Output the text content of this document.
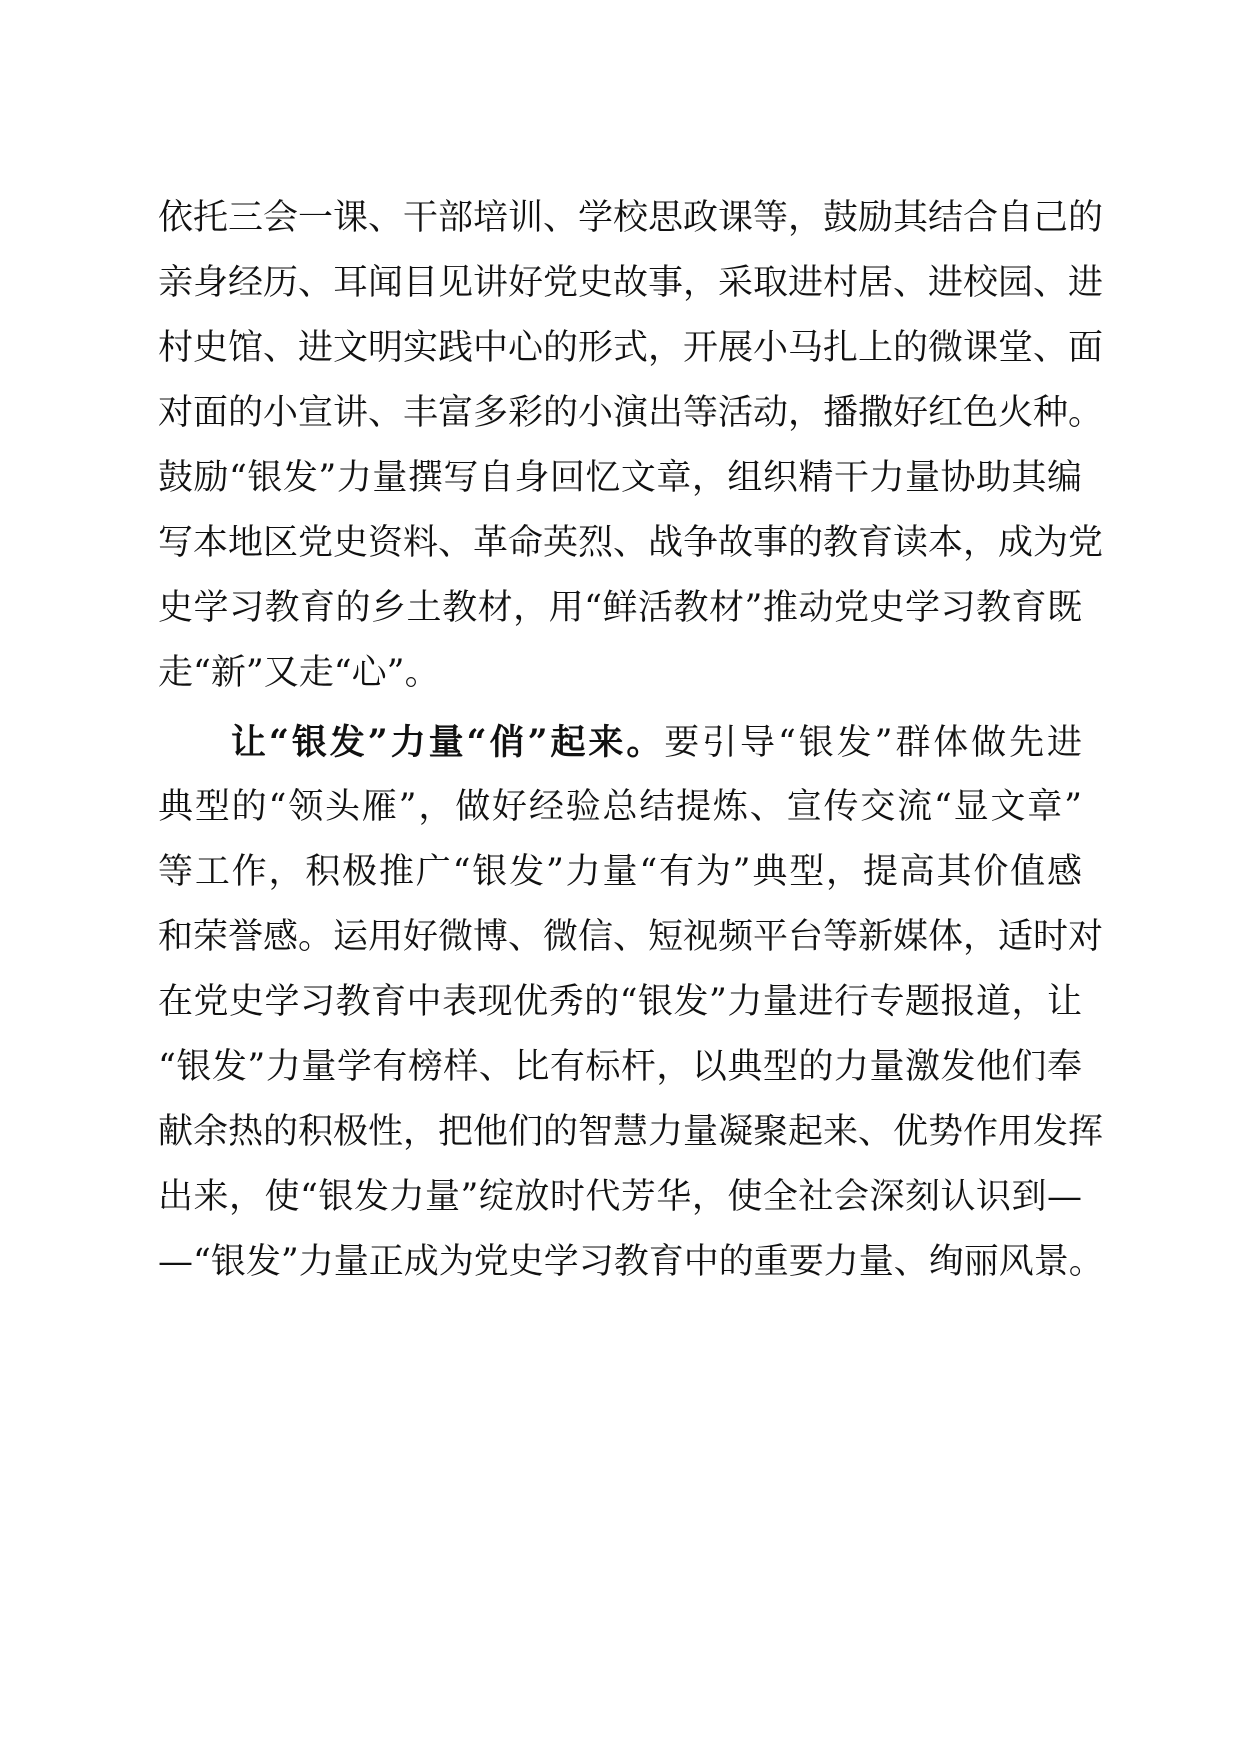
依托三会一课、干部培训、学校思政课等，鼓励其结合自己的
亲身经历、耳闻目见讲好党史故事，采取进村居、进校园、进
村史馆、进文明实践中心的形式，开展小马扎上的微课堂、面
对面的小宣讲、丰富多彩的小演出等活动，播撒好红色火种。
鼓励“银发”力量撰写自身回忆文章，组织精干力量协助其编
写本地区党史资料、革命英烈、战争故事的教育读本，成为党
史学习教育的乡土教材，用“鲜活教材”推动党史学习教育既
走“新”又走“心”。
让“银发”力量“俏”起来。要引导“银发”群体做先进
典型的“领头雁”，做好经验总结提炼、宣传交流“显文章”
等工作，积极推广“银发”力量“有为”典型，提高其价值感
和荣誉感。运用好微博、微信、短视频平台等新媒体，适时对
在党史学习教育中表现优秀的“银发”力量进行专题报道，让
“银发”力量学有榜样、比有标杆，以典型的力量激发他们奉
献余热的积极性，把他们的智慧力量凝聚起来、优势作用发挥
出来，使“银发力量”绽放时代芳华，使全社会深刻认识到—
—“银发”力量正成为党史学习教育中的重要力量、绚丽风景。
